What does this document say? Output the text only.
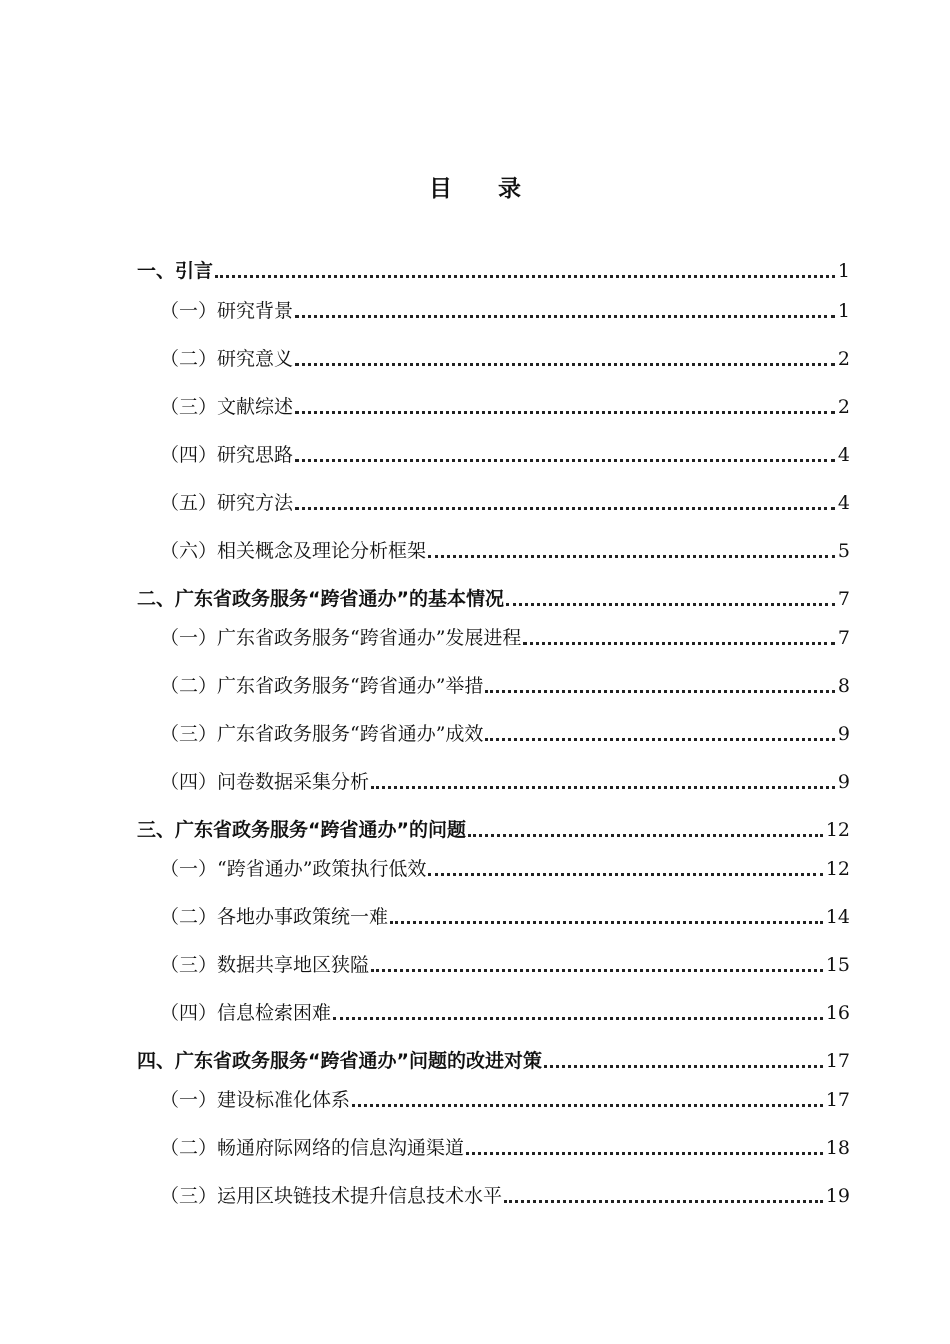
目 录
一、引言	1
（一）研究背景	1
（二）研究意义	2
（三）文献综述	2
（四）研究思路	4
（五）研究方法	4
（六）相关概念及理论分析框架	5
二、广东省政务服务“跨省通办”的基本情况	7
（一）广东省政务服务“跨省通办”发展进程	7
（二）广东省政务服务“跨省通办”举措	8
（三）广东省政务服务“跨省通办”成效	9
（四）问卷数据采集分析	9
三、广东省政务服务“跨省通办”的问题	12
（一）“跨省通办”政策执行低效	12
（二）各地办事政策统一难	14
（三）数据共享地区狭隘	15
（四）信息检索困难	16
四、广东省政务服务“跨省通办”问题的改进对策	17
（一）建设标准化体系	17
（二）畅通府际网络的信息沟通渠道	18
（三）运用区块链技术提升信息技术水平	19
